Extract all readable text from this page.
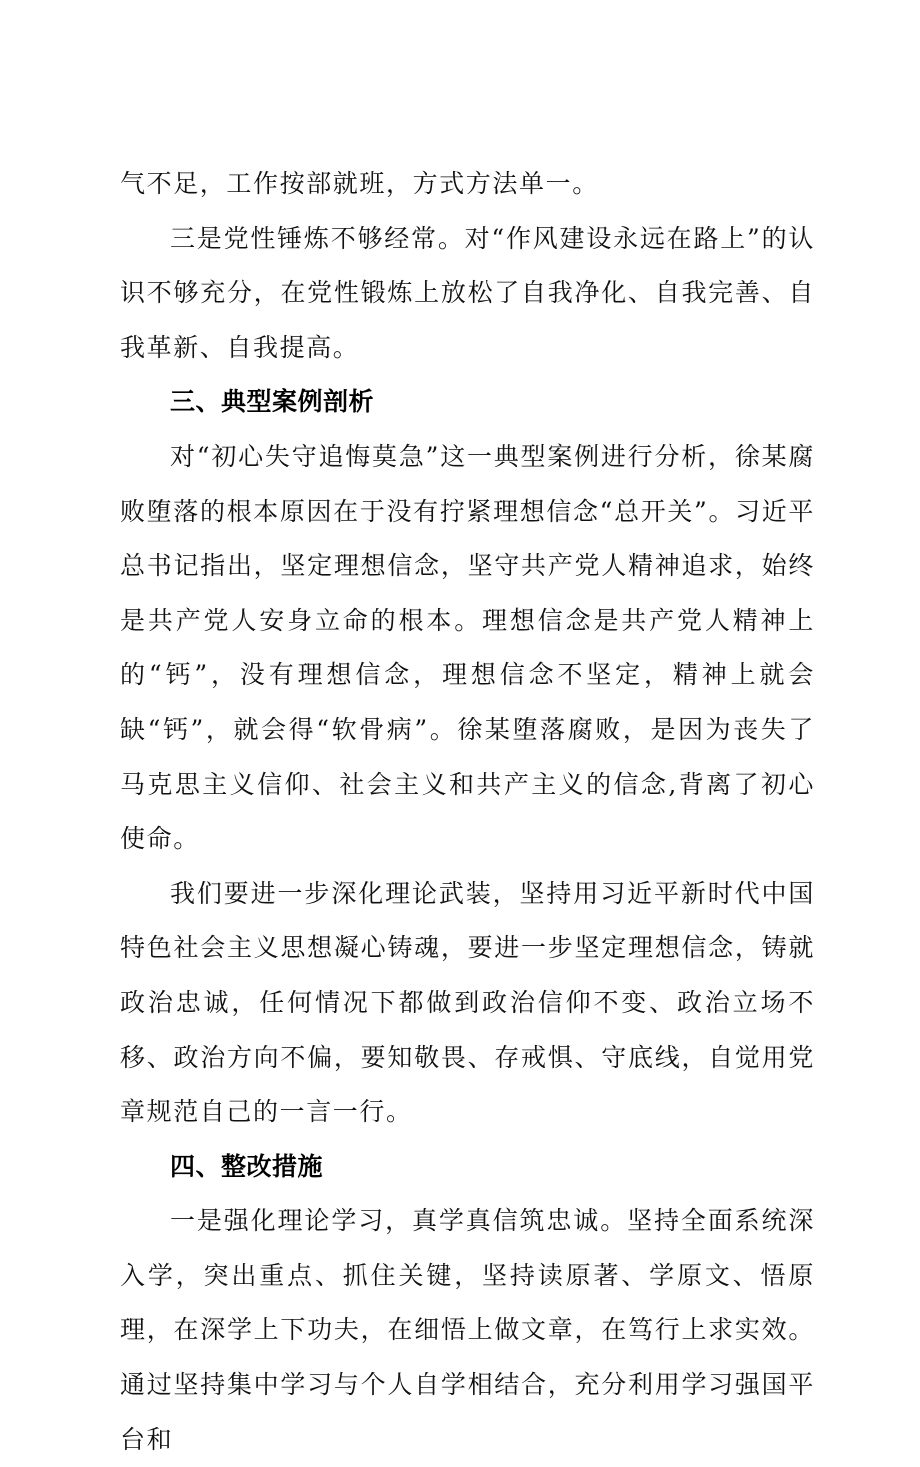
气不足，工作按部就班，方式方法单一。

三是党性锤炼不够经常。对“作风建设永远在路上”的认识不够充分，在党性锻炼上放松了自我净化、自我完善、自我革新、自我提高。

三、典型案例剖析

对“初心失守追悔莫急”这一典型案例进行分析，徐某腐败堕落的根本原因在于没有拧紧理想信念“总开关”。习近平总书记指出，坚定理想信念，坚守共产党人精神追求，始终是共产党人安身立命的根本。理想信念是共产党人精神上的“钙”，没有理想信念，理想信念不坚定，精神上就会缺“钙”，就会得“软骨病”。徐某堕落腐败，是因为丧失了马克思主义信仰、社会主义和共产主义的信念,背离了初心使命。

我们要进一步深化理论武装，坚持用习近平新时代中国特色社会主义思想凝心铸魂，要进一步坚定理想信念，铸就政治忠诚，任何情况下都做到政治信仰不变、政治立场不移、政治方向不偏，要知敬畏、存戒惧、守底线，自觉用党章规范自己的一言一行。

四、整改措施

一是强化理论学习，真学真信筑忠诚。坚持全面系统深入学，突出重点、抓住关键，坚持读原著、学原文、悟原理，在深学上下功夫，在细悟上做文章，在笃行上求实效。通过坚持集中学习与个人自学相结合，充分利用学习强国平台和
